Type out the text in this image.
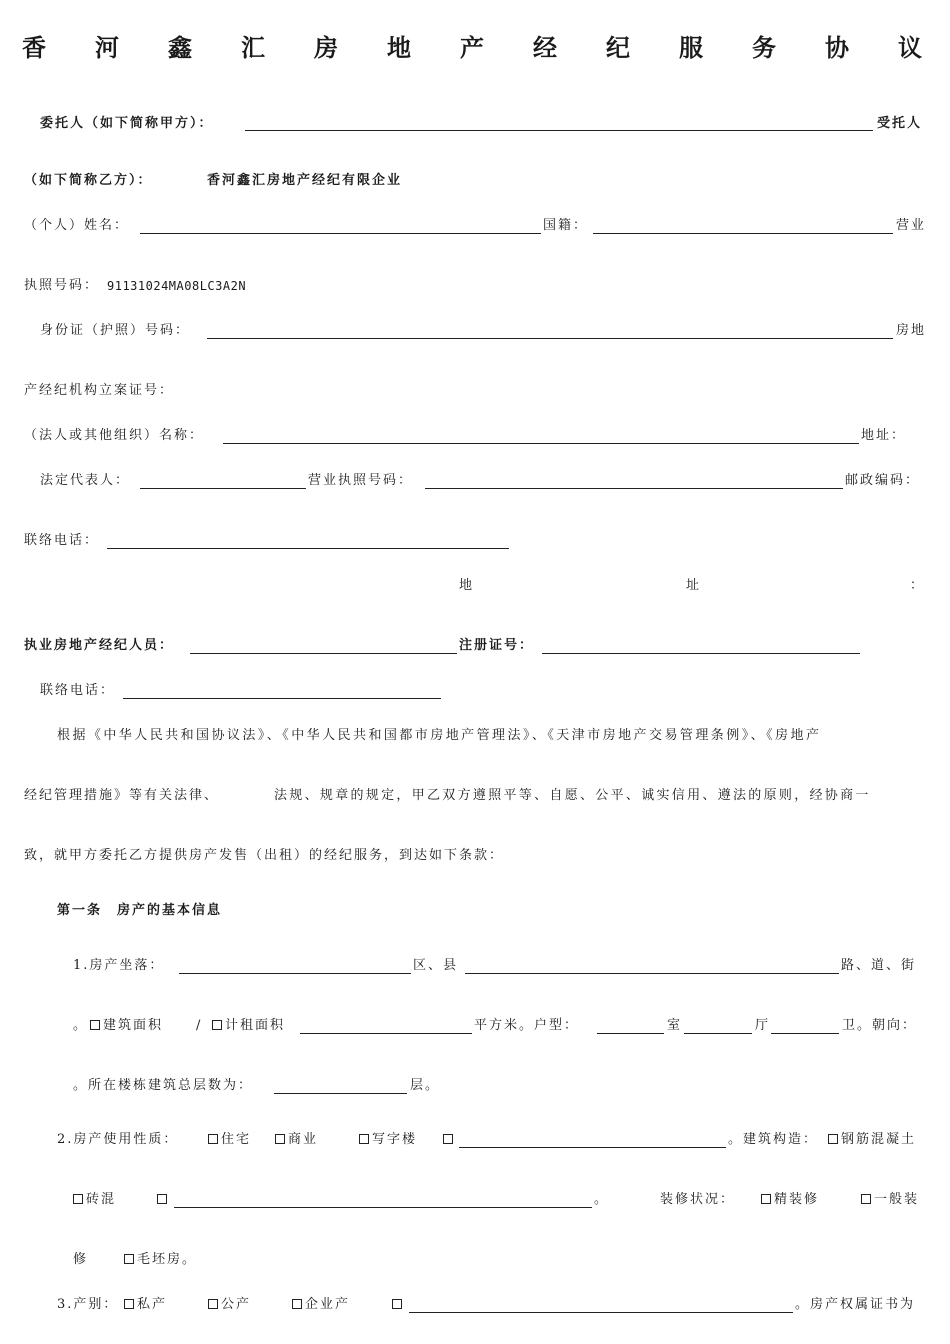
香 河 鑫 汇 房 地 产 经 纪 服 务 协 议
委托人（如下简称甲方）：	受托人
（如下简称乙方）：	香河鑫汇房地产经纪有限企业
（个人）姓名：	国籍：	营业
执照号码： 91131024MA08LC3A2N
身份证（护照）号码：	房地
产经纪机构立案证号：
（法人或其他组织）名称：	地址：
法定代表人：	营业执照号码：	邮政编码：
联络电话：
地	址	：
执业房地产经纪人员：	注册证号：
联络电话：
根据《中华人民共和国协议法》、《中华人民共和国都市房地产管理法》、《天津市房地产交易管理条例》、《房地产
经纪管理措施》等有关法律、	法规、规章的规定，甲乙双方遵照平等、自愿、公平、诚实信用、遵法的原则，经协商一
致，就甲方委托乙方提供房产发售（出租）的经纪服务，到达如下条款：
第一条　房产的基本信息
1.房产坐落：	区、县	路、道、街
。	建筑面积	/	计租面积	平方米。户型：	室	厅	卫。朝向：
。所在楼栋建筑总层数为：	层。
2.房产使用性质：	住宅	商业	写字楼	。建筑构造：	钢筋混凝土
砖混	。	装修状况：	精装修	一般装
修	毛坯房。
3.产别：	私产	公产	企业产	。房产权属证书为
